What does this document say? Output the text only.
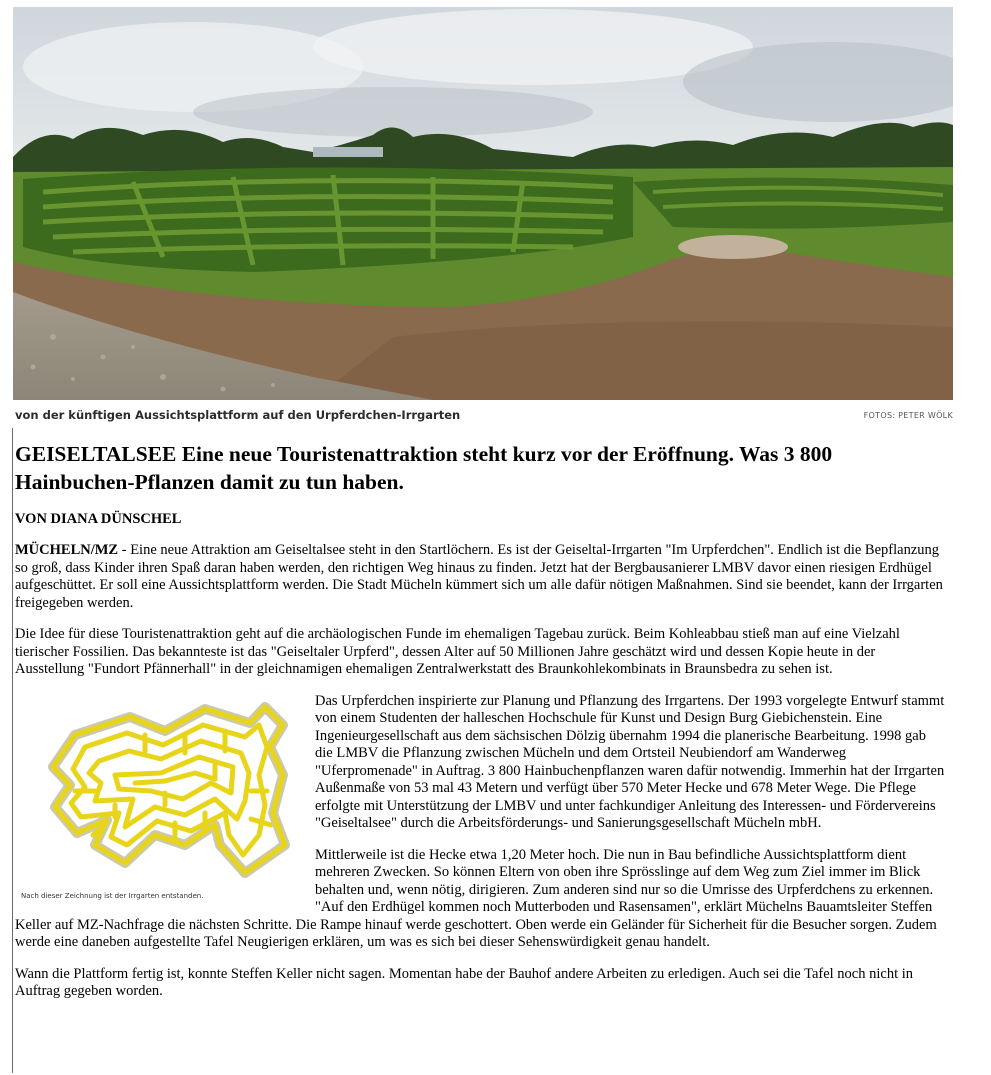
von der künftigen Aussichtsplattform auf den Urpferdchen-Irrgarten	FOTOS: PETER WÖLK
GEISELTALSEE Eine neue Touristenattraktion steht kurz vor der Eröffnung. Was 3 800 Hainbuchen-Pflanzen damit zu tun haben.

VON DIANA DÜNSCHEL

MÜCHELN/MZ - Eine neue Attraktion am Geiseltalsee steht in den Startlöchern. Es ist der Geiseltal-Irrgarten "Im Urpferdchen". Endlich ist die Bepflanzung so groß, dass Kinder ihren Spaß daran haben werden, den richtigen Weg hinaus zu finden. Jetzt hat der Bergbausanierer LMBV davor einen riesigen Erdhügel aufgeschüttet. Er soll eine Aussichtsplattform werden. Die Stadt Mücheln kümmert sich um alle dafür nötigen Maßnahmen. Sind sie beendet, kann der Irrgarten freigegeben werden.

Die Idee für diese Touristenattraktion geht auf die archäologischen Funde im ehemaligen Tagebau zurück. Beim Kohleabbau stieß man auf eine Vielzahl tierischer Fossilien. Das bekannteste ist das "Geiseltaler Urpferd", dessen Alter auf 50 Millionen Jahre geschätzt wird und dessen Kopie heute in der Ausstellung "Fundort Pfännerhall" in der gleichnamigen ehemaligen Zentralwerkstatt des Braunkohlekombinats in Braunsbedra zu sehen ist.

Nach dieser Zeichnung ist der Irrgarten entstanden.

Das Urpferdchen inspirierte zur Planung und Pflanzung des Irrgartens. Der 1993 vorgelegte Entwurf stammt von einem Studenten der halleschen Hochschule für Kunst und Design Burg Giebichenstein. Eine Ingenieurgesellschaft aus dem sächsischen Dölzig übernahm 1994 die planerische Bearbeitung. 1998 gab die LMBV die Pflanzung zwischen Mücheln und dem Ortsteil Neubiendorf am Wanderweg "Uferpromenade" in Auftrag. 3 800 Hainbuchenpflanzen waren dafür notwendig. Immerhin hat der Irrgarten Außenmaße von 53 mal 43 Metern und verfügt über 570 Meter Hecke und 678 Meter Wege. Die Pflege erfolgte mit Unterstützung der LMBV und unter fachkundiger Anleitung des Interessen- und Fördervereins "Geiseltalsee" durch die Arbeitsförderungs- und Sanierungsgesellschaft Mücheln mbH.

Mittlerweile ist die Hecke etwa 1,20 Meter hoch. Die nun in Bau befindliche Aussichtsplattform dient mehreren Zwecken. So können Eltern von oben ihre Sprösslinge auf dem Weg zum Ziel immer im Blick behalten und, wenn nötig, dirigieren. Zum anderen sind nur so die Umrisse des Urpferdchens zu erkennen. "Auf den Erdhügel kommen noch Mutterboden und Rasensamen", erklärt Müchelns Bauamtsleiter Steffen Keller auf MZ-Nachfrage die nächsten Schritte. Die Rampe hinauf werde geschottert. Oben werde ein Geländer für Sicherheit für die Besucher sorgen. Zudem werde eine daneben aufgestellte Tafel Neugierigen erklären, um was es sich bei dieser Sehenswürdigkeit genau handelt.

Wann die Plattform fertig ist, konnte Steffen Keller nicht sagen. Momentan habe der Bauhof andere Arbeiten zu erledigen. Auch sei die Tafel noch nicht in Auftrag gegeben worden.
